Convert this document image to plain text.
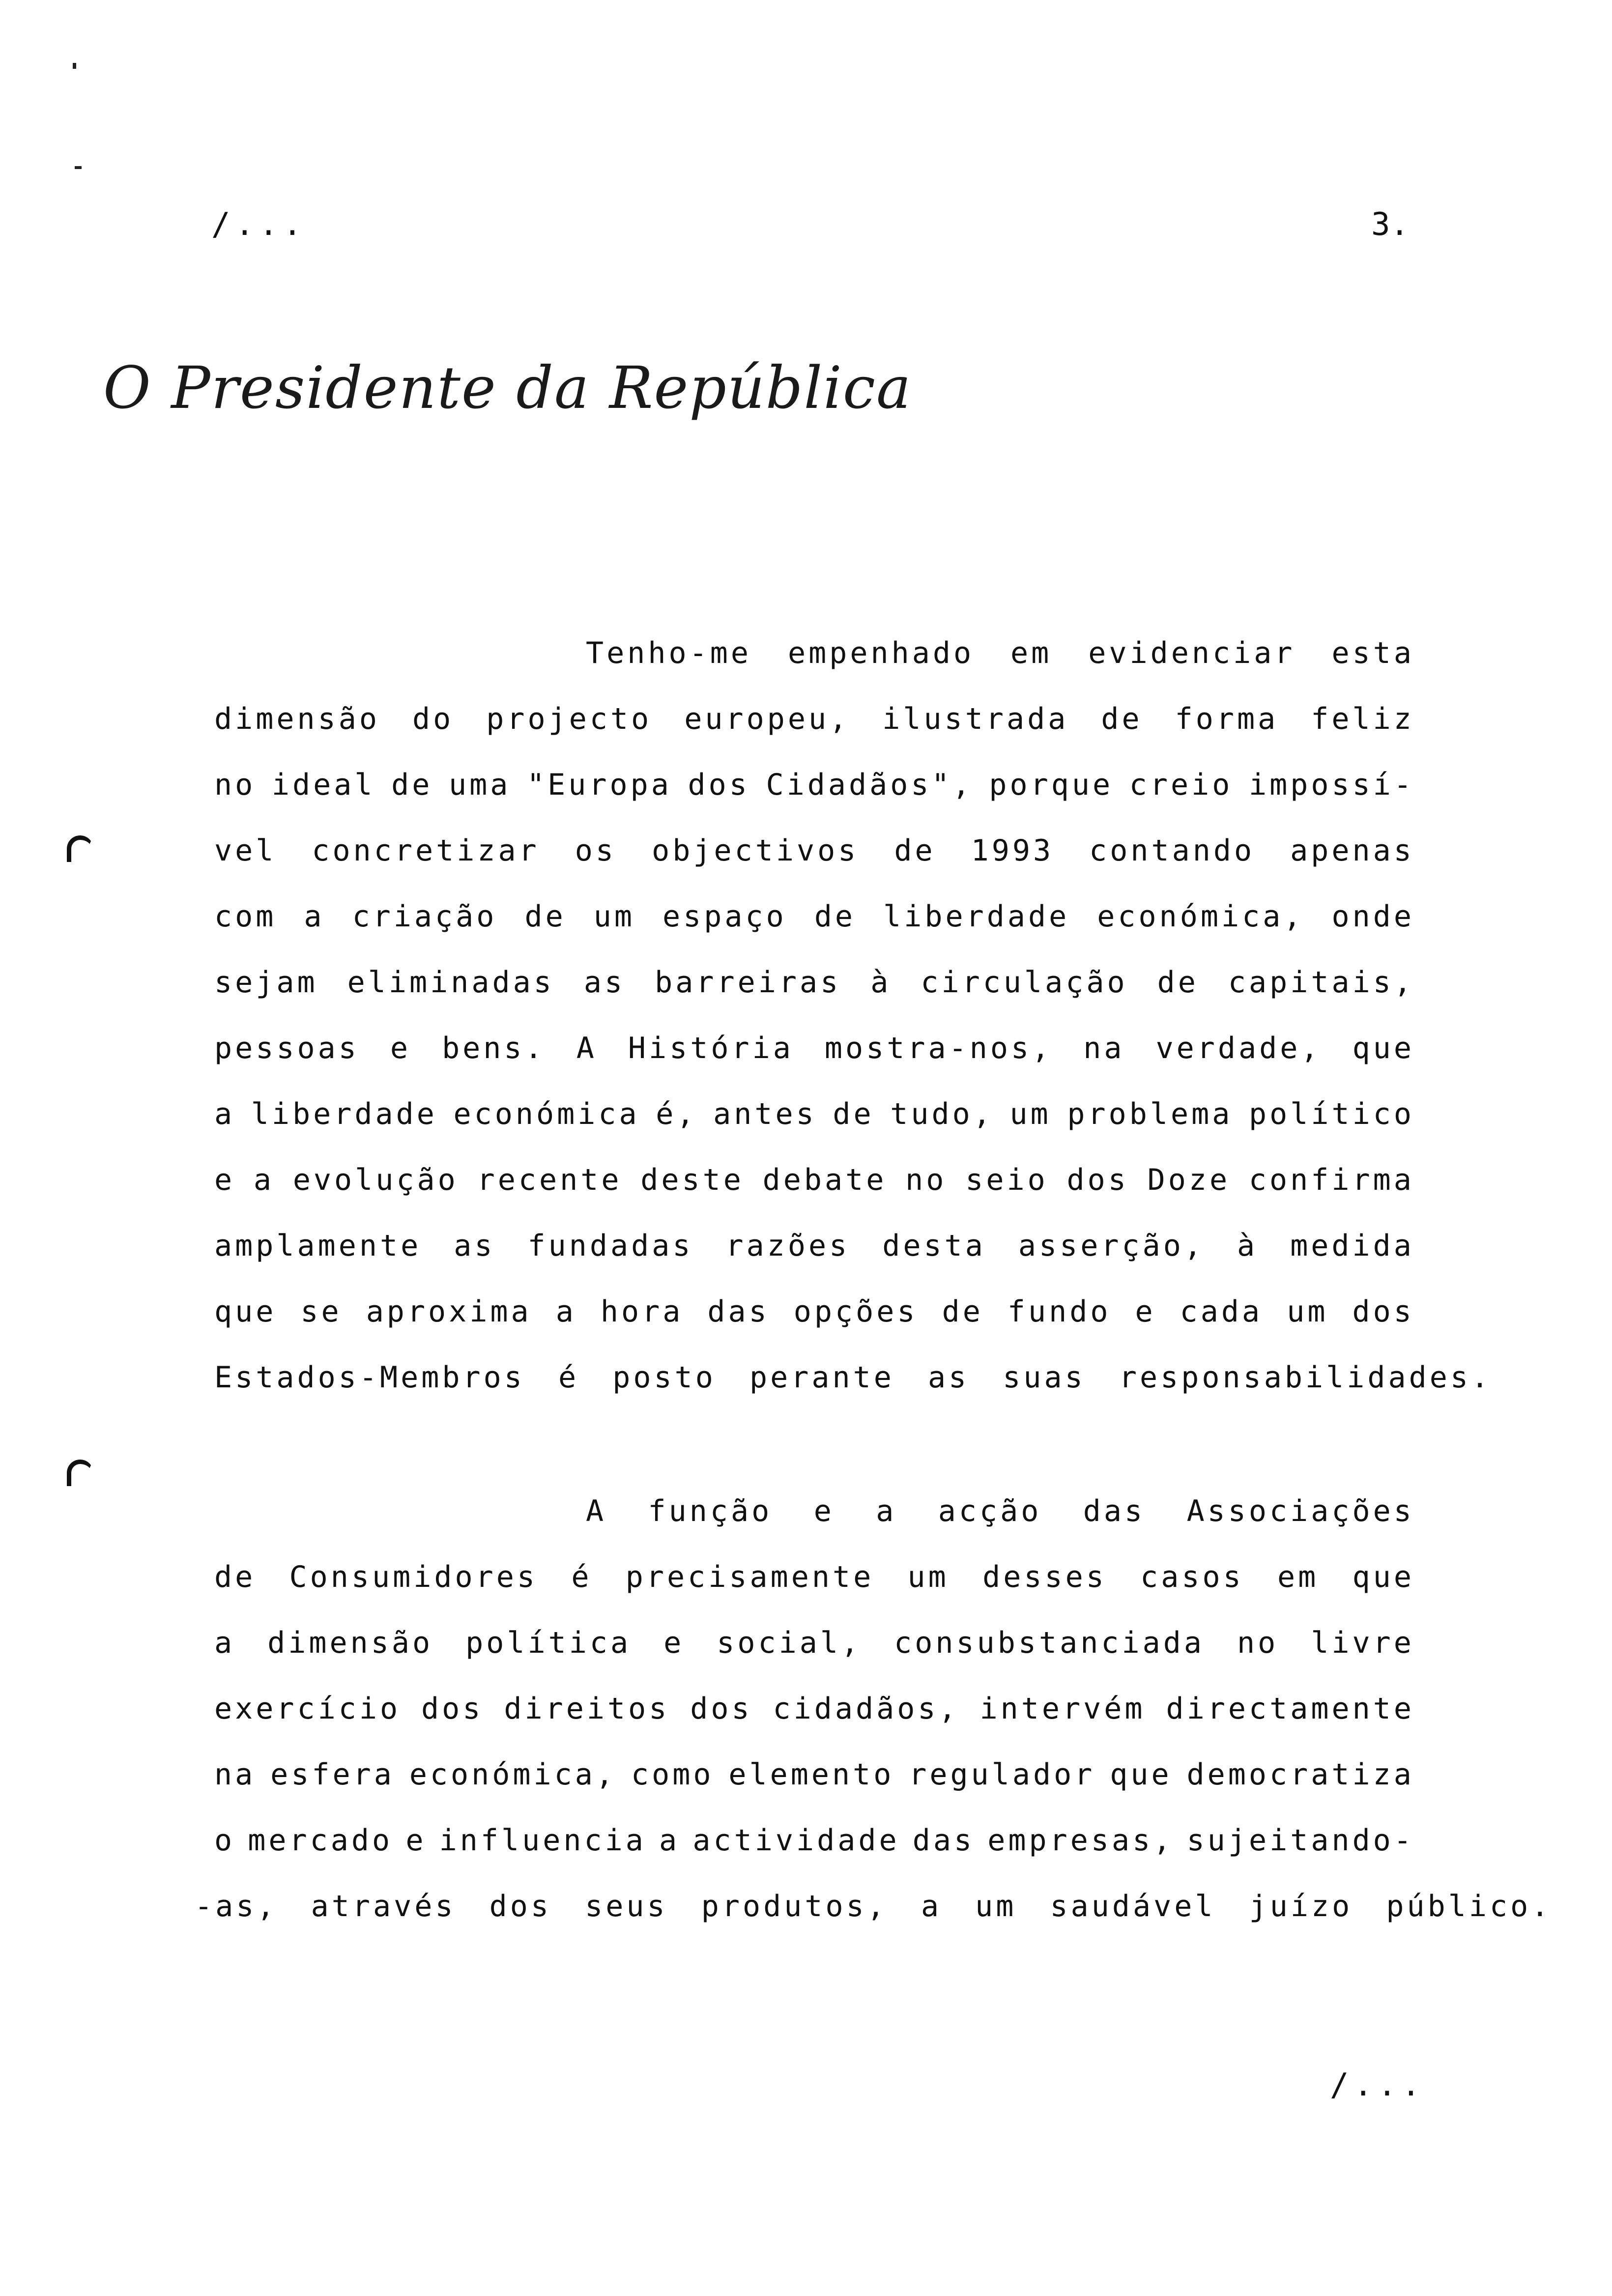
/...	3.
O Presidente da República
Tenho-me empenhado em evidenciar esta
dimensão do projecto europeu, ilustrada de forma feliz
no ideal de uma "Europa dos Cidadãos", porque creio impossí-
vel concretizar os objectivos de 1993 contando apenas
com a criação de um espaço de liberdade económica, onde
sejam eliminadas as barreiras à circulação de capitais,
pessoas e bens. A História mostra-nos, na verdade, que
a liberdade económica é, antes de tudo, um problema político
e a evolução recente deste debate no seio dos Doze confirma
amplamente as fundadas razões desta asserção, à medida
que se aproxima a hora das opções de fundo e cada um dos
Estados-Membros é posto perante as suas responsabilidades.
A função e a acção das Associações
de Consumidores é precisamente um desses casos em que
a dimensão política e social, consubstanciada no livre
exercício dos direitos dos cidadãos, intervém directamente
na esfera económica, como elemento regulador que democratiza
o mercado e influencia a actividade das empresas, sujeitando-
-as, através dos seus produtos, a um saudável juízo público.
/...
